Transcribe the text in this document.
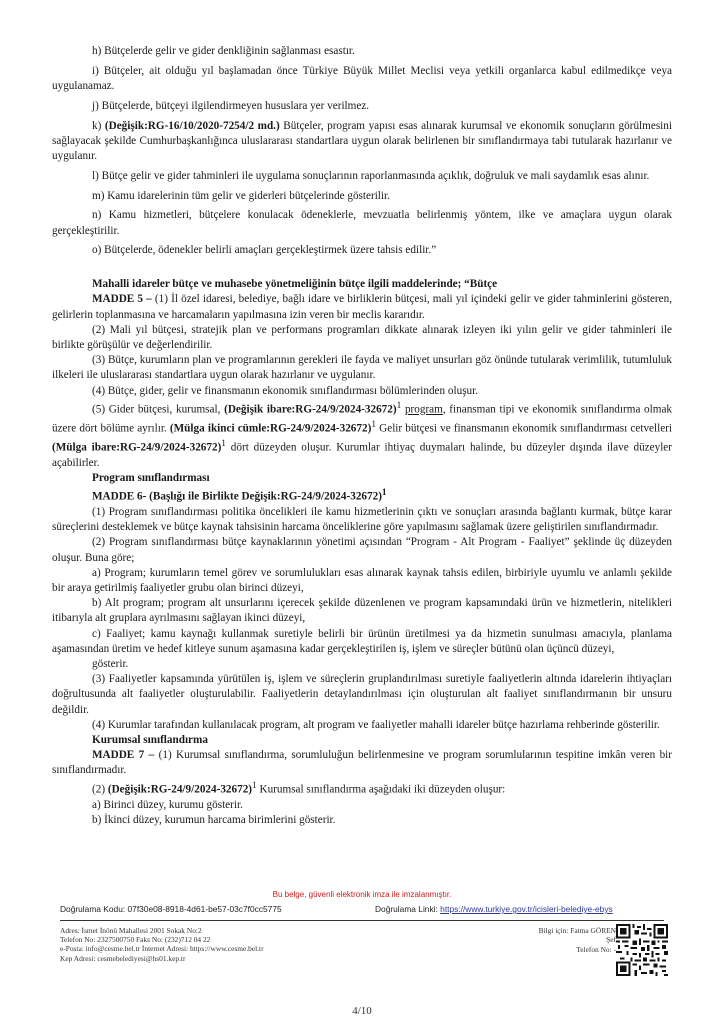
h) Bütçelerde gelir ve gider denkliğinin sağlanması esastır.

i) Bütçeler, ait olduğu yıl başlamadan önce Türkiye Büyük Millet Meclisi veya yetkili organlarca kabul edilmedikçe veya uygulanamaz.

j) Bütçelerde, bütçeyi ilgilendirmeyen hususlara yer verilmez.

k) (Değişik:RG-16/10/2020-7254/2 md.) Bütçeler, program yapısı esas alınarak kurumsal ve ekonomik sonuçların görülmesini sağlayacak şekilde Cumhurbaşkanlığınca uluslararası standartlara uygun olarak belirlenen bir sınıflandırmaya tabi tutularak hazırlanır ve uygulanır.

l) Bütçe gelir ve gider tahminleri ile uygulama sonuçlarının raporlanmasında açıklık, doğruluk ve mali saydamlık esas alınır.

m) Kamu idarelerinin tüm gelir ve giderleri bütçelerinde gösterilir.

n) Kamu hizmetleri, bütçelere konulacak ödeneklerle, mevzuatla belirlenmiş yöntem, ilke ve amaçlara uygun olarak gerçekleştirilir.

o) Bütçelerde, ödenekler belirli amaçları gerçekleştirmek üzere tahsis edilir.”

Mahalli idareler bütçe ve muhasebe yönetmeliğinin bütçe ilgili maddelerinde; “Bütçe

MADDE 5 – (1) İl özel idaresi, belediye, bağlı idare ve birliklerin bütçesi, mali yıl içindeki gelir ve gider tahminlerini gösteren, gelirlerin toplanmasına ve harcamaların yapılmasına izin veren bir meclis kararıdır.

(2) Mali yıl bütçesi, stratejik plan ve performans programları dikkate alınarak izleyen iki yılın gelir ve gider tahminleri ile birlikte görüşülür ve değerlendirilir.

(3) Bütçe, kurumların plan ve programlarının gerekleri ile fayda ve maliyet unsurları göz önünde tutularak verimlilik, tutumluluk ilkeleri ile uluslararası standartlara uygun olarak hazırlanır ve uygulanır.

(4) Bütçe, gider, gelir ve finansmanın ekonomik sınıflandırması bölümlerinden oluşur.

(5) Gider bütçesi, kurumsal, (Değişik ibare:RG-24/9/2024-32672)$^1$ program, finansman tipi ve ekonomik sınıflandırma olmak üzere dört bölüme ayrılır. (Mülga ikinci cümle:RG-24/9/2024-32672)$^1$ Gelir bütçesi ve finansmanın ekonomik sınıflandırması cetvelleri (Mülga ibare:RG-24/9/2024-32672)$^1$ dört düzeyden oluşur. Kurumlar ihtiyaç duymaları halinde, bu düzeyler dışında ilave düzeyler açabilirler.

Program sınıflandırması

MADDE 6- (Başlığı ile Birlikte Değişik:RG-24/9/2024-32672)$^1$

(1) Program sınıflandırması politika öncelikleri ile kamu hizmetlerinin çıktı ve sonuçları arasında bağlantı kurmak, bütçe karar süreçlerini desteklemek ve bütçe kaynak tahsisinin harcama önceliklerine göre yapılmasını sağlamak üzere geliştirilen sınıflandırmadır.

(2) Program sınıflandırması bütçe kaynaklarının yönetimi açısından “Program - Alt Program - Faaliyet” şeklinde üç düzeyden oluşur. Buna göre;

a) Program; kurumların temel görev ve sorumlulukları esas alınarak kaynak tahsis edilen, birbiriyle uyumlu ve anlamlı şekilde bir araya getirilmiş faaliyetler grubu olan birinci düzeyi,

b) Alt program; program alt unsurlarını içerecek şekilde düzenlenen ve program kapsamındaki ürün ve hizmetlerin, nitelikleri itibarıyla alt gruplara ayrılmasını sağlayan ikinci düzeyi,

c) Faaliyet; kamu kaynağı kullanmak suretiyle belirli bir ürünün üretilmesi ya da hizmetin sunulması amacıyla, planlama aşamasından üretim ve hedef kitleye sunum aşamasına kadar gerçekleştirilen iş, işlem ve süreçler bütünü olan üçüncü düzeyi,

gösterir.

(3) Faaliyetler kapsamında yürütülen iş, işlem ve süreçlerin gruplandırılması suretiyle faaliyetlerin altında idarelerin ihtiyaçları doğrultusunda alt faaliyetler oluşturulabilir. Faaliyetlerin detaylandırılması için oluşturulan alt faaliyet sınıflandırmanın bir unsuru değildir.

(4) Kurumlar tarafından kullanılacak program, alt program ve faaliyetler mahalli idareler bütçe hazırlama rehberinde gösterilir.

Kurumsal sınıflandırma

MADDE 7 – (1) Kurumsal sınıflandırma, sorumluluğun belirlenmesine ve program sorumlularının tespitine imkân veren bir sınıflandırmadır.

(2) (Değişik:RG-24/9/2024-32672)$^1$ Kurumsal sınıflandırma aşağıdaki iki düzeyden oluşur:

a) Birinci düzey, kurumu gösterir.

b) İkinci düzey, kurumun harcama birimlerini gösterir.

Bu belge, güvenli elektronik imza ile imzalanmıştır.
Doğrulama Kodu: 07f30e08-8918-4d61-be57-03c7f0cc5775	Doğrulama Linki: https://www.turkiye.gov.tr/icisleri-belediye-ebys
Adres: İsmet İnönü Mahallesi 2001 Sokak No:2
Telefon No: 2327500750 Faks No: (232)712 04 22
e-Posta: info@cesme.bel.tr İnternet Adresi: https://www.cesme.bel.tr
Kep Adresi: cesmebelediyesi@hs01.kep.tr
Bilgi için: Fatma GÖREN
Şef
Telefon No: -
4/10
